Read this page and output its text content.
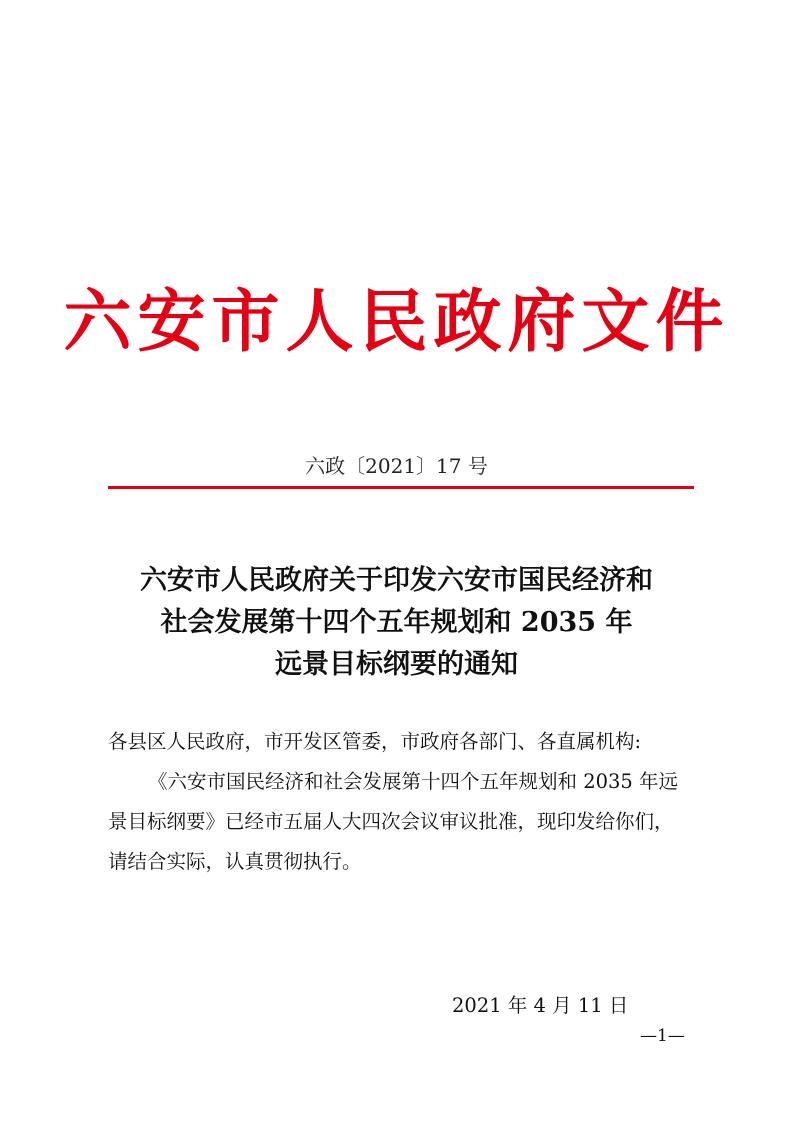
六安市人民政府文件
六政〔2021〕17 号
六安市人民政府关于印发六安市国民经济和
社会发展第十四个五年规划和 2035 年
远景目标纲要的通知
各县区人民政府，市开发区管委，市政府各部门、各直属机构:
《六安市国民经济和社会发展第十四个五年规划和 2035 年远
景目标纲要》已经市五届人大四次会议审议批准，现印发给你们，
请结合实际，认真贯彻执行。
2021 年 4 月 11 日
—1—
